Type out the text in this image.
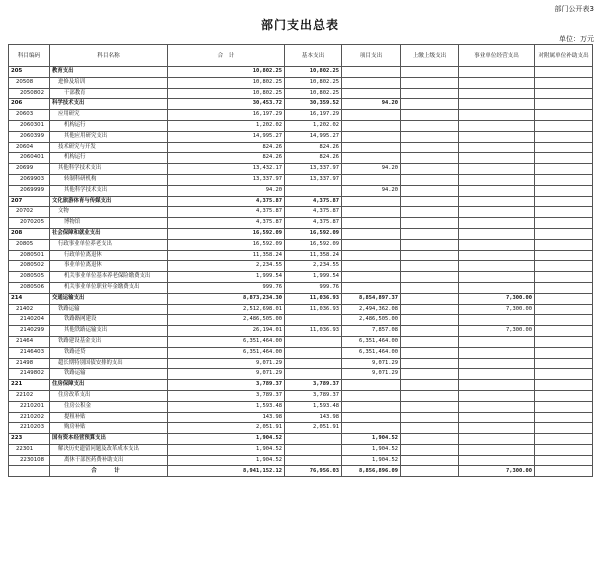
部门公开表3
部门支出总表
单位：万元
科目编码	科目名称	合　计	基本支出	项目支出	上缴上级支出	事业单位经营支出	对附属单位补助支出
205	教育支出	10,802.25	10,802.25				
20508	进修及培训	10,802.25	10,802.25				
2050802	干部教育	10,802.25	10,802.25				
206	科学技术支出	30,453.72	30,359.52	94.20			
20603	应用研究	16,197.29	16,197.29				
2060301	机构运行	1,202.02	1,202.02				
2060399	其他应用研究支出	14,995.27	14,995.27				
20604	技术研究与开发	824.26	824.26				
2060401	机构运行	824.26	824.26				
20699	其他科学技术支出	13,432.17	13,337.97	94.20			
2069903	转制科研机构	13,337.97	13,337.97				
2069999	其他科学技术支出	94.20		94.20			
207	文化旅游体育与传媒支出	4,375.87	4,375.87				
20702	文物	4,375.87	4,375.87				
2070205	博物馆	4,375.87	4,375.87				
208	社会保障和就业支出	16,592.09	16,592.09				
20805	行政事业单位养老支出	16,592.09	16,592.09				
2080501	行政单位离退休	11,358.24	11,358.24				
2080502	事业单位离退休	2,234.55	2,234.55				
2080505	机关事业单位基本养老保险缴费支出	1,999.54	1,999.54				
2080506	机关事业单位职业年金缴费支出	999.76	999.76				
214	交通运输支出	8,873,234.30	11,036.93	8,854,897.37		7,300.00	
21402	铁路运输	2,512,698.01	11,036.93	2,494,362.08		7,300.00	
2140204	铁路路网建设	2,486,505.00		2,486,505.00			
2140299	其他铁路运输支出	26,194.01	11,036.93	7,857.08		7,300.00	
21464	铁路建设基金支出	6,351,464.00		6,351,464.00			
2146403	铁路还贷	6,351,464.00		6,351,464.00			
21498	超长期特别国债安排的支出	9,071.29		9,071.29			
2149802	铁路运输	9,071.29		9,071.29			
221	住房保障支出	3,789.37	3,789.37				
22102	住房改革支出	3,789.37	3,789.37				
2210201	住房公积金	1,593.48	1,593.48				
2210202	提租补贴	143.98	143.98				
2210203	购房补贴	2,051.91	2,051.91				
223	国有资本经营预算支出	1,904.52		1,904.52			
22301	解决历史遗留问题及改革成本支出	1,904.52		1,904.52			
2230108	离休干部医药费补助支出	1,904.52		1,904.52			
	合　计	8,941,152.12	76,956.03	8,856,896.09		7,300.00	
